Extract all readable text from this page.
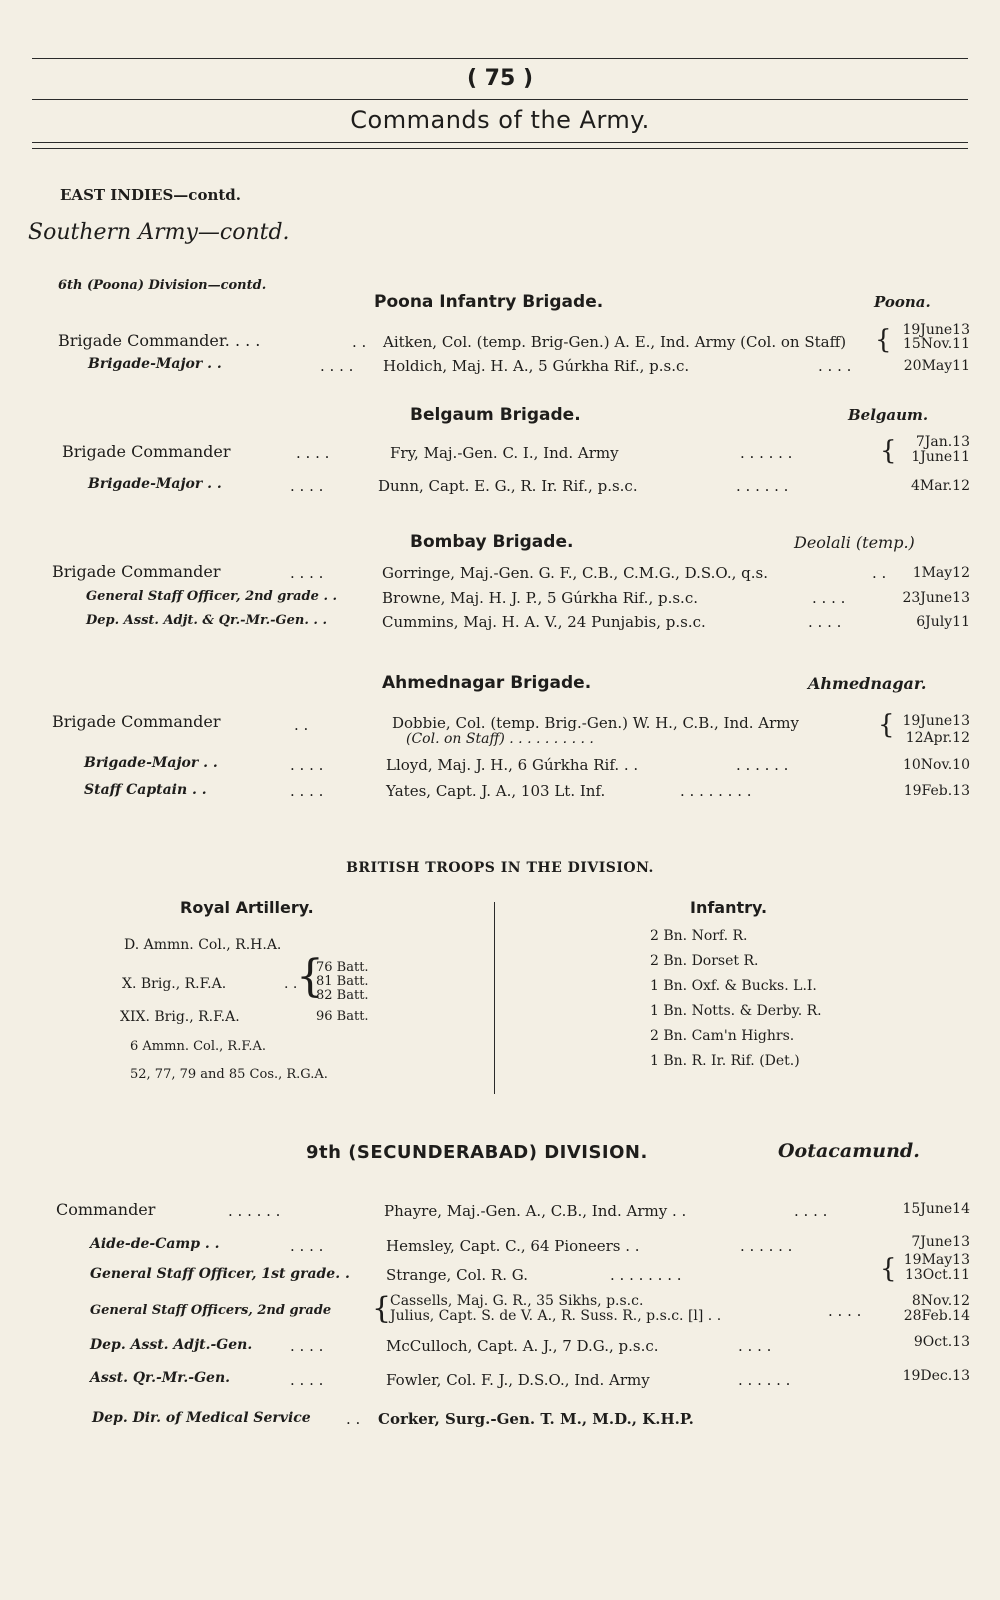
( 75 )
Commands of the Army.
EAST INDIES—contd.
Southern Army—contd.
6th (Poona) Division—contd.
Poona Infantry Brigade.	Poona.
Brigade Commander. . . .	. . Aitken, Col. (temp. Brig-Gen.) A. E., Ind. Army (Col. on Staff) { 19June13
15Nov.11
Brigade-Major . .	. . . . Holdich, Maj. H. A., 5 Gúrkha Rif., p.s.c.	. . . .	20May11
Belgaum Brigade.	Belgaum.
Brigade Commander	. . . .	Fry, Maj.-Gen. C. I., Ind. Army	. . . . . .	{	7Jan.13
1June11
Brigade-Major . .	. . . .	Dunn, Capt. E. G., R. Ir. Rif., p.s.c.	. . . . . .	4Mar.12
Bombay Brigade.	Deolali (temp.)
Brigade Commander	. . . .	Gorringe, Maj.-Gen. G. F., C.B., C.M.G., D.S.O., q.s.	. .	1May12
General Staff Officer, 2nd grade . .	Browne, Maj. H. J. P., 5 Gúrkha Rif., p.s.c.	. . . .	23June13
Dep. Asst. Adjt. & Qr.-Mr.-Gen. . .	Cummins, Maj. H. A. V., 24 Punjabis, p.s.c.	. . . .	6July11
Ahmednagar Brigade.	Ahmednagar.
Brigade Commander	. .	Dobbie, Col. (temp. Brig.-Gen.) W. H., C.B., Ind. Army
(Col. on Staff) . . . . . . . . . .	{ 19June13
12Apr.12
Brigade-Major . .	. . . .	Lloyd, Maj. J. H., 6 Gúrkha Rif. . .	. . . . . .	10Nov.10
Staff Captain . .	. . . .	Yates, Capt. J. A., 103 Lt. Inf.	. . . . . . . .	19Feb.13
BRITISH TROOPS IN THE DIVISION.
Royal Artillery.
D. Ammn. Col., R.H.A.
X. Brig., R.F.A.	. .
{
76 Batt.
81 Batt.
82 Batt.
XIX. Brig., R.F.A.	96 Batt.
6 Ammn. Col., R.F.A.
52, 77, 79 and 85 Cos., R.G.A.
Infantry.
2 Bn. Norf. R.
2 Bn. Dorset R.
1 Bn. Oxf. & Bucks. L.I.
1 Bn. Notts. & Derby. R.
2 Bn. Cam'n Highrs.
1 Bn. R. Ir. Rif. (Det.)
9th (SECUNDERABAD) DIVISION.	Ootacamund.
Commander	. . . . . .	Phayre, Maj.-Gen. A., C.B., Ind. Army . .	. . . .	15June14
Aide-de-Camp . .	. . . .	Hemsley, Capt. C., 64 Pioneers . .	. . . . . .	7June13
General Staff Officer, 1st grade. . Strange, Col. R. G.	. . . . . . . .	{ 19May13
13Oct.11
General Staff Officers, 2nd grade {
Cassells, Maj. G. R., 35 Sikhs, p.s.c.
Julius, Capt. S. de V. A., R. Suss. R., p.s.c. [l] . .	. . . .
8Nov.12
28Feb.14
Dep. Asst. Adjt.-Gen.	. . . .	McCulloch, Capt. A. J., 7 D.G., p.s.c.	. . . .	9Oct.13
Asst. Qr.-Mr.-Gen.	. . . .	Fowler, Col. F. J., D.S.O., Ind. Army	. . . . . .	19Dec.13
Dep. Dir. of Medical Service . . Corker, Surg.-Gen. T. M., M.D., K.H.P.
